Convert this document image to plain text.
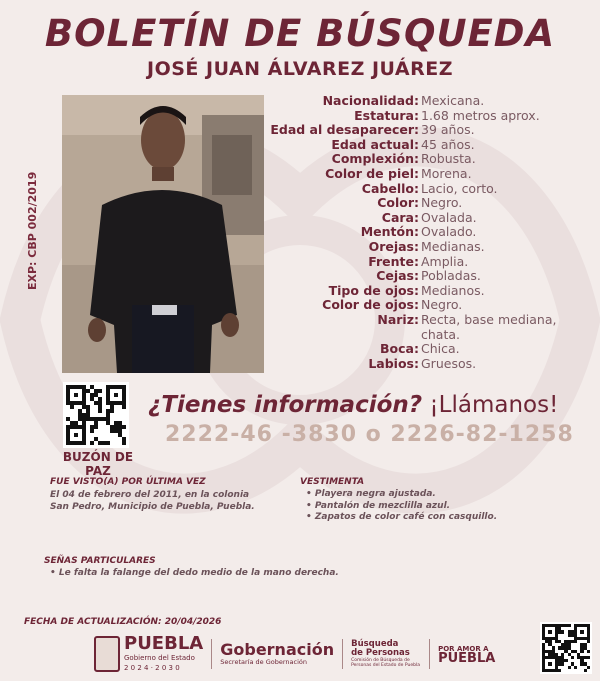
BOLETÍN DE BÚSQUEDA
JOSÉ JUAN ÁLVAREZ JUÁREZ
EXP: CBP 002/2019
Nacionalidad: Mexicana.
Estatura: 1.68 metros aprox.
Edad al desaparecer: 39 años.
Edad actual: 45 años.
Complexión: Robusta.
Color de piel: Morena.
Cabello: Lacio, corto.
Color: Negro.
Cara: Ovalada.
Mentón: Ovalado.
Orejas: Medianas.
Frente: Amplia.
Cejas: Pobladas.
Tipo de ojos: Medianos.
Color de ojos: Negro.
Nariz: Recta, base mediana, chata.
Boca: Chica.
Labios: Gruesos.
BUZÓN DE PAZ
¿Tienes información? ¡Llámanos!
2222-46 -3830 o 2226-82-1258
FUE VISTO(A) POR ÚLTIMA VEZ

El 04 de febrero del 2011, en la colonia San Pedro, Municipio de Puebla, Puebla.

VESTIMENTA
• Playera negra ajustada.
• Pantalón de mezclilla azul.
• Zapatos de color café con casquillo.
SEÑAS PARTICULARES
• Le falta la falange del dedo medio de la mano derecha.
FECHA DE ACTUALIZACIÓN: 20/04/2026
PUEBLA
Gobierno del Estado
2 0 2 4 · 2 0 3 0
Gobernación
Secretaría de Gobernación
Búsqueda
de Personas
Comisión de Búsqueda de Personas del Estado de Puebla
POR AMOR A
PUEBLA
